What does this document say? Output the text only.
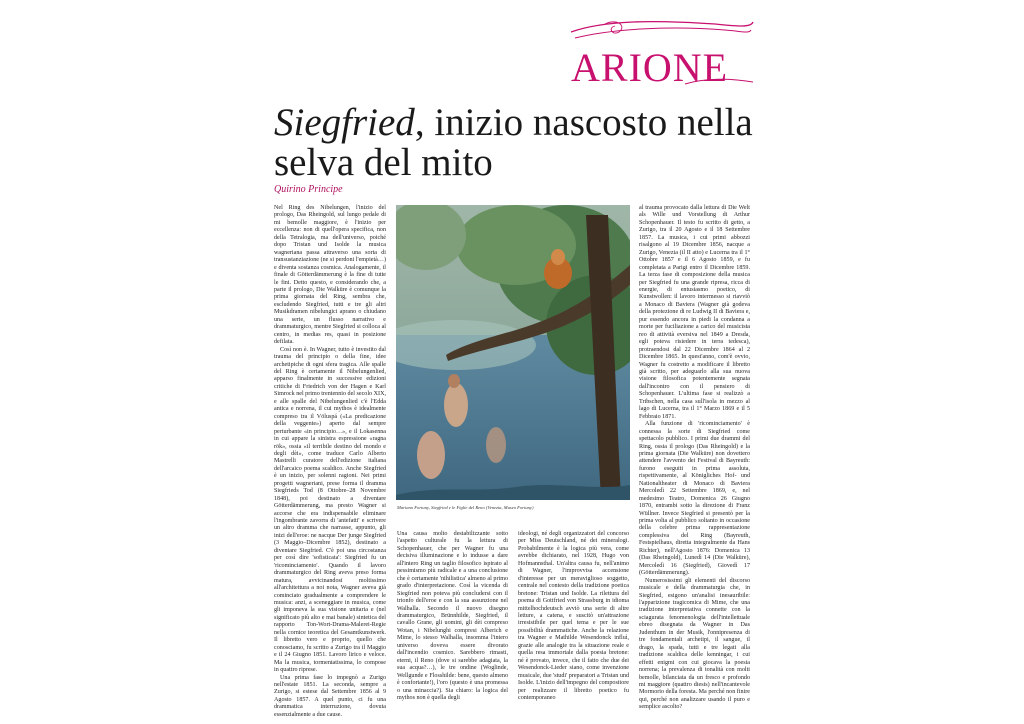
ARIONE
Siegfried, inizio nascosto nella selva del mito
Quirino Principe

Nel Ring des Nibelungen, l'inizio del prologo, Das Rheingold, sul lungo pedale di mi bemolle maggiore, è l'inizio per eccellenza: non di quell'opera specifica, non della Tetralogia, ma dell'universo, poiché dopo Tristan und Isolde la musica wagneriana passa attraverso una sorta di transustanziazione (ne si perdoni l'empietà…) e diventa sostanza cosmica. Analogamente, il finale di Götterdämmerung è la fine di tutte le fini. Detto questo, e considerando che, a parte il prologo, Die Walküre è comunque la prima giornata del Ring, sembra che, escludendo Siegfried, tutti e tre gli altri Musikdramen nibelungici aprano o chiudano una serie, un flusso narrativo e drammaturgico, mentre Siegfried si colloca al centro, in medias res, quasi in posizione defilata.

Così non è. In Wagner, tutto è investito dal trauma del principio o della fine, idee archetipiche di ogni sfera tragica. Alle spalle del Ring è certamente il Nibelungenlied, apparso finalmente in successive edizioni critiche di Friedrich von der Hagen e Karl Simrock nel primo trentennio del secolo XIX, e alle spalle del Nibelungenlied c'è l'Edda antica e norrena, il cui mythos è idealmente compreso tra il Völuspá («La predicazione della veggente») aperto dal sempre perturbante «in principio…», e il Lokasenna in cui appare la sinistra espressione «ragna rök», ossia «il terribile destino del mondo e degli dèi», come traduce Carlo Alberto Mastrelli curatore dell'edizione italiana dell'arcaico poema scaldico. Anche Siegfried è un inizio, per solenni ragioni. Nei primi progetti wagneriani, prese forma il dramma Siegfrieds Tod (8 Ottobre–28 Novembre 1848), poi destinato a diventare Götterdämmerung, ma presto Wagner si accorse che era indispensabile eliminare l'ingombrante zavorra di 'antefatti' e scrivere un altro dramma che narrasse, appunto, gli inizi dell'eroe: ne nacque Der junge Siegfried (3 Maggio–Dicembre 1852), destinato a diventare Siegfried. C'è poi una circostanza per così dire 'sofisticata': Siegfried fu un 'ricominciamento'. Quando il lavoro drammaturgico del Ring aveva preso forma matura, avvicinandosi moltissimo all'architettura a noi nota, Wagner aveva già cominciato gradualmente a comprendere le musica: anzi, a sceneggiare in musica, come gli imponeva la sua visione unitaria e (nel significato più alto e mai banale) sintetica del rapporto Ton-Wort-Drama-Malerei-Regie nella cornice teoretica del Gesamtkunstwerk. Il libretto vero e proprio, quello che conosciamo, fu scritto a Zurigo tra il Maggio e il 24 Giugno 1851. Lavoro lirico e veloce. Ma la musica, tormentatissima, lo compose in quattro riprese.

Una prima fase lo impegnò a Zurigo nell'estate 1851. La seconda, sempre a Zurigo, si estese dal Settembre 1856 al 9 Agosto 1857. A quel punto, ci fu una drammatica interruzione, dovuta essenzialmente a due cause.

Mariano Fortuny, Siegfried e le Figlie del Reno (Venezia, Museo Fortuny)

Una causa molto destabilizzante sotto l'aspetto culturale fu la lettura di Schopenhauer, che per Wagner fu una decisiva illuminazione e lo indusse a dare all'intero Ring un taglio filosofico ispirato al pessimismo più radicale e a una conclusione che è certamente 'nihilistica' almeno al primo grado d'interpretazione. Così la vicenda di Siegfried non poteva più concludersi con il trionfo dell'eroe e con la sua assunzione nel Walhalla. Secondo il nuovo disegno drammaturgico, Brünnhilde, Siegfried, il cavallo Grane, gli uomini, gli dèi compreso Wotan, i Nibelunghi compresi Alberich e Mime, lo stesso Walhalla, insomma l'intero universo doveva essere divorato dall'incendio cosmico. Sarebbero rimasti, eterni, il Reno (dove si sarebbe adagiata, la sua acqua?…), le tre ondine (Woglinde, Wellgunde e Flosshilde: bene, questo almeno è confortante!), l'oro (questo è una promessa o una minaccia?). Sia chiaro: la logica del mythos non è quella degli

ideologi, né degli organizzatori del concorso per Miss Deutschland, né dei mineralogi. Probabilmente è la logica più vera, come avrebbe dichiarato, nel 1928, Hugo von Hofmannsthal. Un'altra causa fu, nell'animo di Wagner, l'improvvisa accensione d'interesse per un meraviglioso soggetto, centrale nel contesto della tradizione poetica bretone: Tristan und Isolde. La rilettura del poema di Gottfried von Strassburg in idioma mittelhochdeutsch avviò una serie di altre letture, a catena, e suscitò un'attrazione irresistibile per quel tema e per le sue possibilità drammatiche. Anche la relazione tra Wagner e Mathilde Wesendonck influì, grazie alle analogie tra la situazione reale e quella resa immortale dalla poesia bretone: né è provato, invece, che il fatto che due dei Wesendonck-Lieder siano, come invenzione musicale, due 'studi' preparatori a Tristan und Isolde. L'inizio dell'impegno del compositore per realizzare il libretto poetico fu contemporaneo

al trauma provocato dalla lettura di Die Welt als Wille und Vorstellung di Arthur Schopenhauer. Il testo fu scritto di getto, a Zurigo, tra il 20 Agosto e il 18 Settembre 1857. La musica, i cui primi abbozzi risalgono al 19 Dicembre 1856, nacque a Zurigo, Venezia (il II atto) e Lucerna tra il 1° Ottobre 1857 e il 6 Agosto 1859, e fu completata a Parigi entro il Dicembre 1859. La terza fase di composizione della musica per Siegfried fu una grande ripresa, ricca di energie, di entusiasmo poetico, di Kunstwollen: il lavoro intermesso si riavviò a Monaco di Baviera (Wagner già godeva della protezione di re Ludwig II di Baviera e, pur essendo ancora in piedi la condanna a morte per fuciliazione a carico del musicista reo di attività eversiva nel 1849 a Dresda, egli poteva risiedere in terra tedesca), protraendosi dal 22 Dicembre 1864 al 2 Dicembre 1865. In quest'anno, com'è ovvio, Wagner fu costretto a modificare il libretto già scritto, per adeguarlo alla sua nuova visione filosofica potentemente segnata dall'incontro con il pensiero di Schopenhauer. L'ultima fase si realizzò a Tribschen, nella casa sull'isola in mezzo al lago di Lucerna, tra il 1° Marzo 1869 e il 5 Febbraio 1871.

Alla funzione di 'ricominciamento' è connessa la sorte di Siegfried come spettacolo pubblico. I primi due drammi del Ring, ossia il prologo (Das Rheingold) e la prima giornata (Die Walküre) non dovettero attendere l'avvento dei Festival di Bayreuth: furono eseguiti in prima assoluta, rispettivamente, al Königliches Hof- und Nationaltheater di Monaco di Baviera Mercoledì 22 Settembre 1869, e, nel medesimo Teatro, Domenica 26 Giugno 1870, entrambi sotto la direzione di Franz Wüllner. Invece Siegfried si presentò per la prima volta al pubblico soltanto in occasione della celebre prima rappresentazione complessiva del Ring (Bayreuth, Festspielhaus, diretta integralmente da Hans Richter), nell'Agosto 1876: Domenica 13 (Das Rheingold), Lunedì 14 (Die Walküre), Mercoledì 16 (Siegfried), Giovedì 17 (Götterdämmerung).

Numerosissimi gli elementi del discorso musicale e della drammaturgia che, in Siegfried, esigono un'analisi inesauribile: l'apparizione tragicomica di Mime, che una tradizione interpretativa connette con la sciagurata fenomenologia dell'intellettuale ebreo disegnata da Wagner in Das Judenthum in der Musik, l'onnipresenza di tre fondamentali archetipi, il sangue, il drago, la spada, tutti e tre legati alla tradizione scaldica delle kenningar, i cui effetti enigmi con cui giocava la poesia norrena; la prevalenza di tonalità con molti bemolle, bilanciata da un fresco e profondo mi maggiore (quattro diesis) nell'incantevole Mormorio della foresta. Ma perché non finire qui, perché non analizzare usando il puro e semplice ascolto?
